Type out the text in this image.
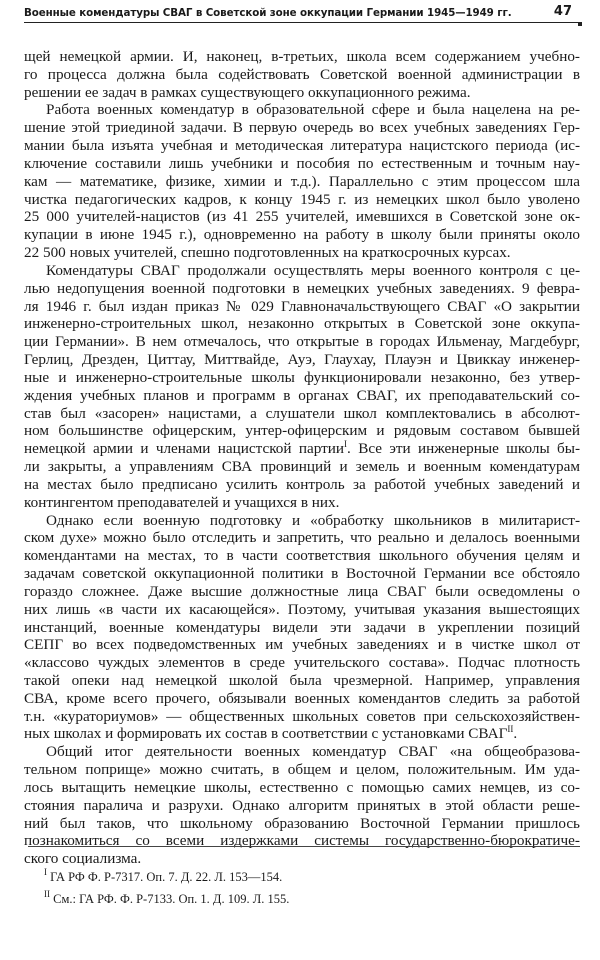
Военные комендатуры СВАГ в Советской зоне оккупации Германии 1945—1949 гг.	47
щей немецкой армии. И, наконец, в-третьих, школа всем содержанием учебно-
го процесса должна была содействовать Советской военной администрации в
решении ее задач в рамках существующего оккупационного режима.
Работа военных комендатур в образовательной сфере и была нацелена на ре-
шение этой триединой задачи. В первую очередь во всех учебных заведениях Гер-
мании была изъята учебная и методическая литература нацистского периода (ис-
ключение составили лишь учебники и пособия по естественным и точным нау-
кам — математике, физике, химии и т.д.). Параллельно с этим процессом шла
чистка педагогических кадров, к концу 1945 г. из немецких школ было уволено
25 000 учителей-нацистов (из 41 255 учителей, имевшихся в Советской зоне ок-
купации в июне 1945 г.), одновременно на работу в школу были приняты около
22 500 новых учителей, спешно подготовленных на краткосрочных курсах.
Комендатуры СВАГ продолжали осуществлять меры военного контроля с це-
лью недопущения военной подготовки в немецких учебных заведениях. 9 февра-
ля 1946 г. был издан приказ № 029 Главноначальствующего СВАГ «О закрытии
инженерно-строительных школ, незаконно открытых в Советской зоне оккупа-
ции Германии». В нем отмечалось, что открытые в городах Ильменау, Магдебург,
Герлиц, Дрезден, Циттау, Миттвайде, Ауэ, Глаухау, Плауэн и Цвиккау инженер-
ные и инженерно-строительные школы функционировали незаконно, без утвер-
ждения учебных планов и программ в органах СВАГ, их преподавательский со-
став был «засорен» нацистами, а слушатели школ комплектовались в абсолют-
ном большинстве офицерским, унтер-офицерским и рядовым составом бывшей
немецкой армии и членами нацистской партии$^I$. Все эти инженерные школы бы-
ли закрыты, а управлениям СВА провинций и земель и военным комендатурам
на местах было предписано усилить контроль за работой учебных заведений и
контингентом преподавателей и учащихся в них.
Однако если военную подготовку и «обработку школьников в милитарист-
ском духе» можно было отследить и запретить, что реально и делалось военными
комендантами на местах, то в части соответствия школьного обучения целям и
задачам советской оккупационной политики в Восточной Германии все обстояло
гораздо сложнее. Даже высшие должностные лица СВАГ были осведомлены о
них лишь «в части их касающейся». Поэтому, учитывая указания вышестоящих
инстанций, военные комендатуры видели эти задачи в укреплении позиций
СЕПГ во всех подведомственных им учебных заведениях и в чистке школ от
«классово чуждых элементов в среде учительского состава». Подчас плотность
такой опеки над немецкой школой была чрезмерной. Например, управления
СВА, кроме всего прочего, обязывали военных комендантов следить за работой
т.н. «кураториумов» — общественных школьных советов при сельскохозяйствен-
ных школах и формировать их состав в соответствии с установками $СВАГ^{II}$.
Общий итог деятельности военных комендатур СВАГ «на общеобразова-
тельном поприще» можно считать, в общем и целом, положительным. Им уда-
лось вытащить немецкие школы, естественно с помощью самих немцев, из со-
стояния паралича и разрухи. Однако алгоритм принятых в этой области реше-
ний был таков, что школьному образованию Восточной Германии пришлось
познакомиться со всеми издержками системы государственно-бюрократиче-
ского социализма.
$^I$ ГА РФ Ф. Р-7317. Оп. 7. Д. 22. Л. 153—154.
$^{II}$ См.: ГА РФ. Ф. Р-7133. Оп. 1. Д. 109. Л. 155.
